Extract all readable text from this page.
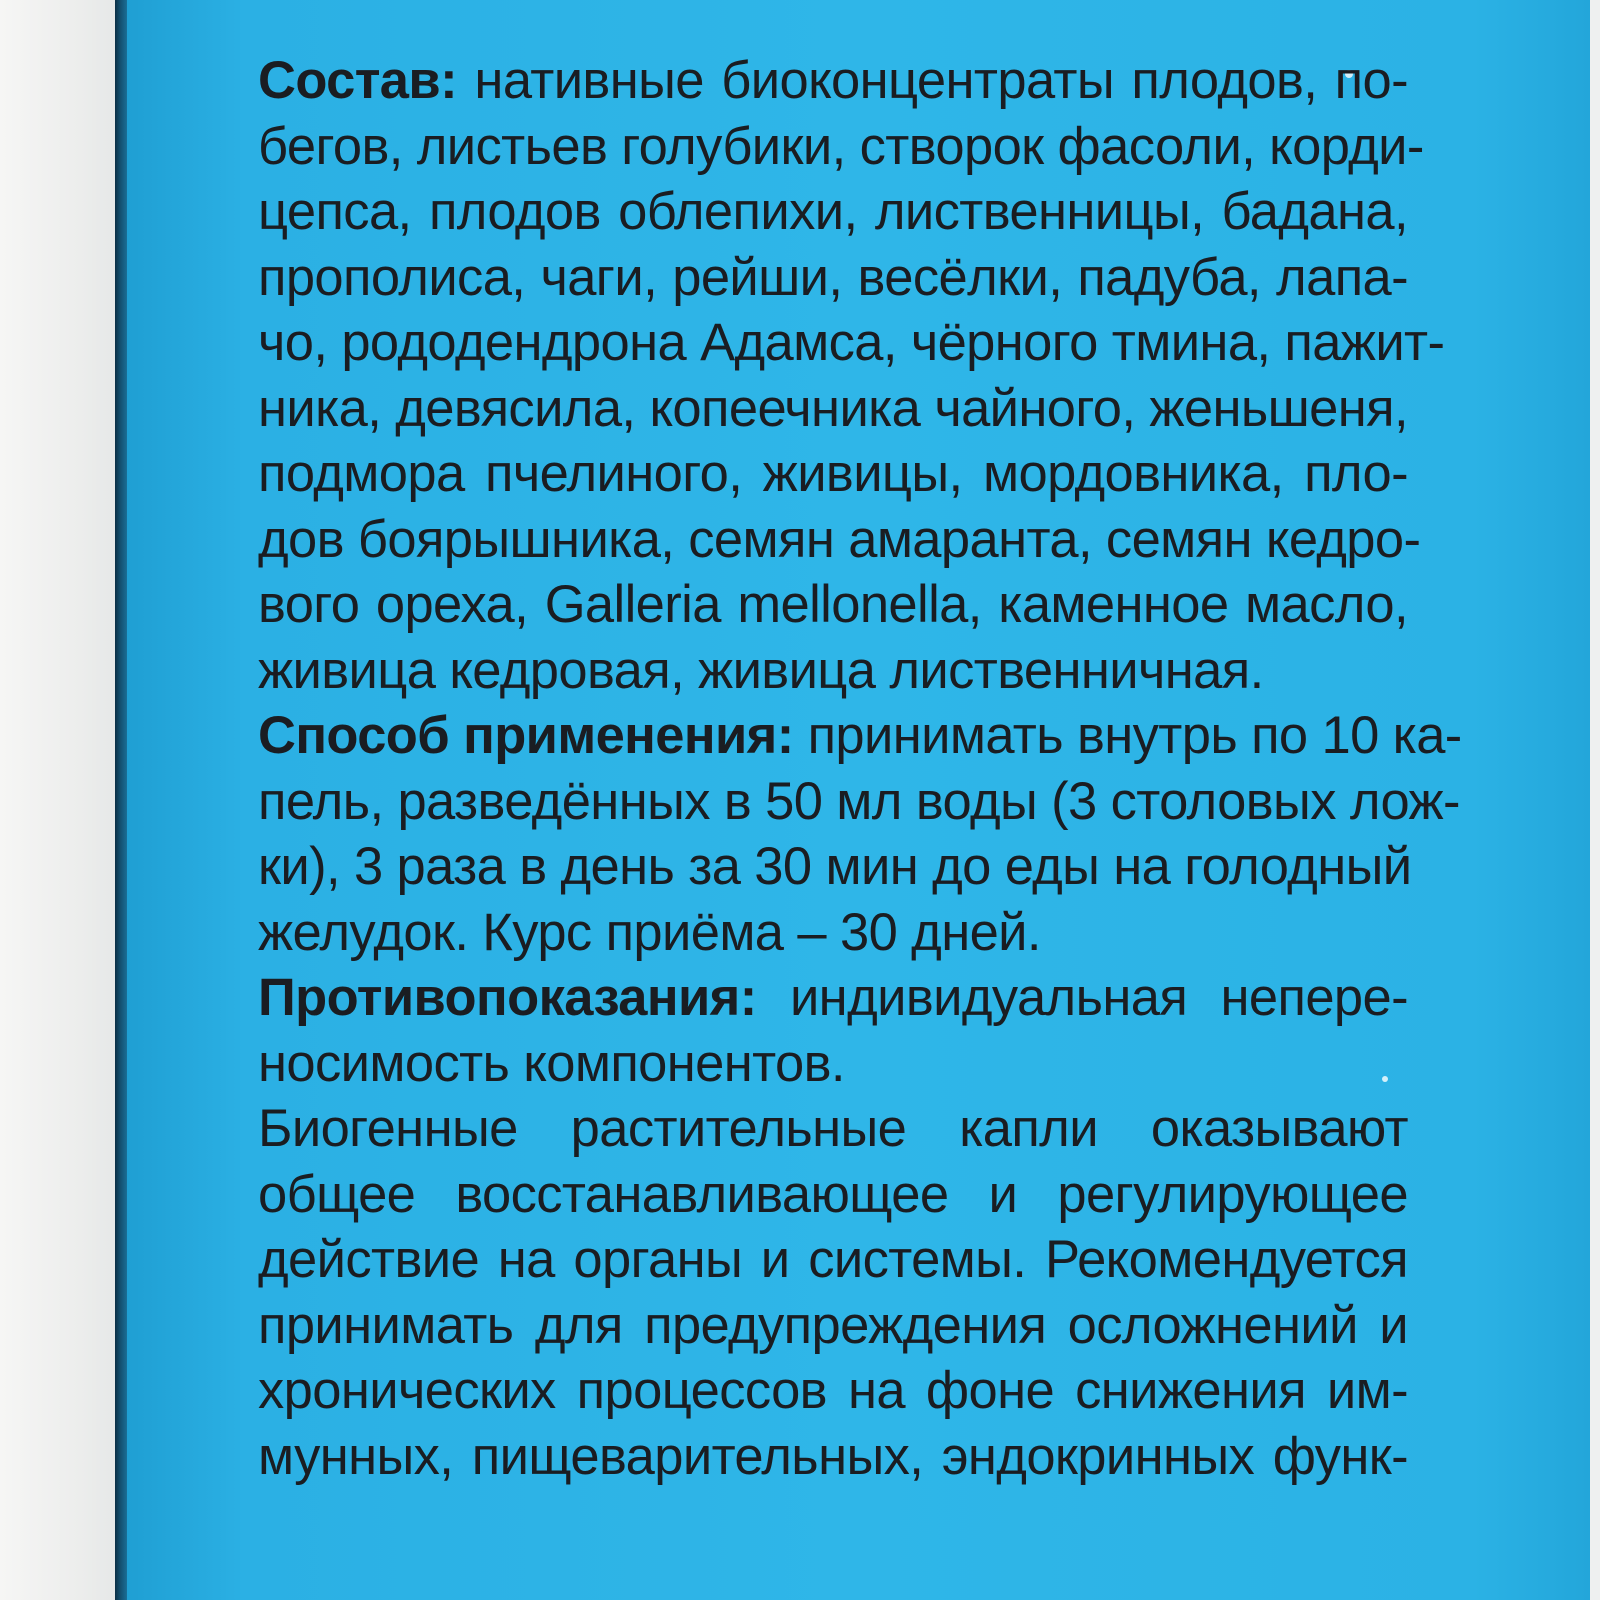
Состав: нативные биоконцентраты плодов, по-
бегов, листьев голубики, створок фасоли, корди-
цепса, плодов облепихи, лиственницы, бадана,
прополиса, чаги, рейши, весёлки, падуба, лапа-
чо, рододендрона Адамса, чёрного тмина, пажит-
ника, девясила, копеечника чайного, женьшеня,
подмора пчелиного, живицы, мордовника, пло-
дов боярышника, семян амаранта, семян кедро-
вого ореха, Galleria mellonella, каменное масло,
живица кедровая, живица лиственничная.
Способ применения: принимать внутрь по 10 ка-
пель, разведённых в 50 мл воды (3 столовых лож-
ки), 3 раза в день за 30 мин до еды на голодный
желудок. Курс приёма – 30 дней.
Противопоказания: индивидуальная непере-
носимость компонентов.
Биогенные растительные капли оказывают
общее восстанавливающее и регулирующее
действие на органы и системы. Рекомендуется
принимать для предупреждения осложнений и
хронических процессов на фоне снижения им-
мунных, пищеварительных, эндокринных функ-
